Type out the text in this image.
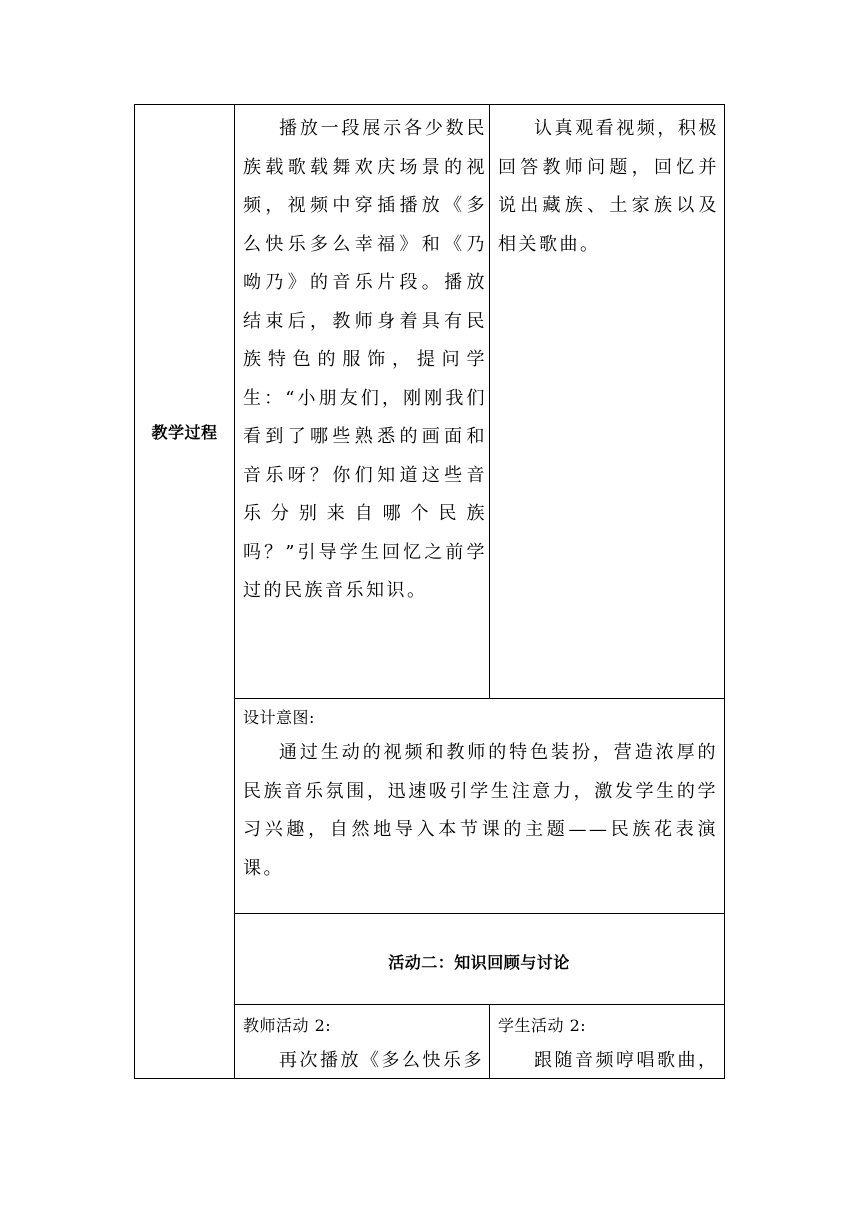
教学过程

播放一段展示各少数民族载歌载舞欢庆场景的视频，视频中穿插播放《多么快乐多么幸福》和《乃呦乃》的音乐片段。播放结束后，教师身着具有民族特色的服饰，提问学生：“小朋友们，刚刚我们看到了哪些熟悉的画面和音乐呀？你们知道这些音乐分别来自哪个民族吗？”引导学生回忆之前学过的民族音乐知识。

认真观看视频，积极回答教师问题，回忆并说出藏族、土家族以及相关歌曲。

设计意图:

通过生动的视频和教师的特色装扮，营造浓厚的民族音乐氛围，迅速吸引学生注意力，激发学生的学习兴趣，自然地导入本节课的主题——民族花表演课。

活动二：知识回顾与讨论

教师活动 2:

再次播放《多么快乐多

学生活动 2:

跟随音频哼唱歌曲，
